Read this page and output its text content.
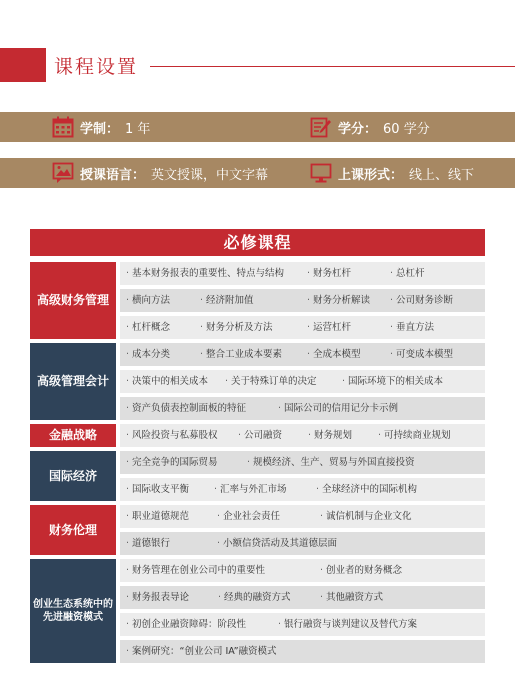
课程设置
学制： 1 年	学分： 60 学分
授课语言： 英文授课，中文字幕	上课形式： 线上、线下
必修课程
高级财务管理
· 基本财务报表的重要性、特点与结构	· 财务杠杆	· 总杠杆
· 横向方法	· 经济附加值	· 财务分析解读	· 公司财务诊断
· 杠杆概念	· 财务分析及方法	· 运营杠杆	· 垂直方法
高级管理会计
· 成本分类	· 整合工业成本要素	· 全成本模型	· 可变成本模型
· 决策中的相关成本	· 关于特殊订单的决定	· 国际环境下的相关成本
· 资产负债表控制面板的特征	· 国际公司的信用记分卡示例
金融战略	· 风险投资与私募股权	· 公司融资	· 财务规划	· 可持续商业规划
国际经济
· 完全竞争的国际贸易	· 规模经济、生产、贸易与外国直接投资
· 国际收支平衡	· 汇率与外汇市场	· 全球经济中的国际机构
财务伦理
· 职业道德规范	· 企业社会责任	· 诚信机制与企业文化
· 道德银行	· 小额信贷活动及其道德层面
创业生态系统中的先进融资模式
· 财务管理在创业公司中的重要性	· 创业者的财务概念
· 财务报表导论	· 经典的融资方式	· 其他融资方式
· 初创企业融资障碍：阶段性	· 银行融资与谈判建议及替代方案
· 案例研究：“创业公司 IA”融资模式
